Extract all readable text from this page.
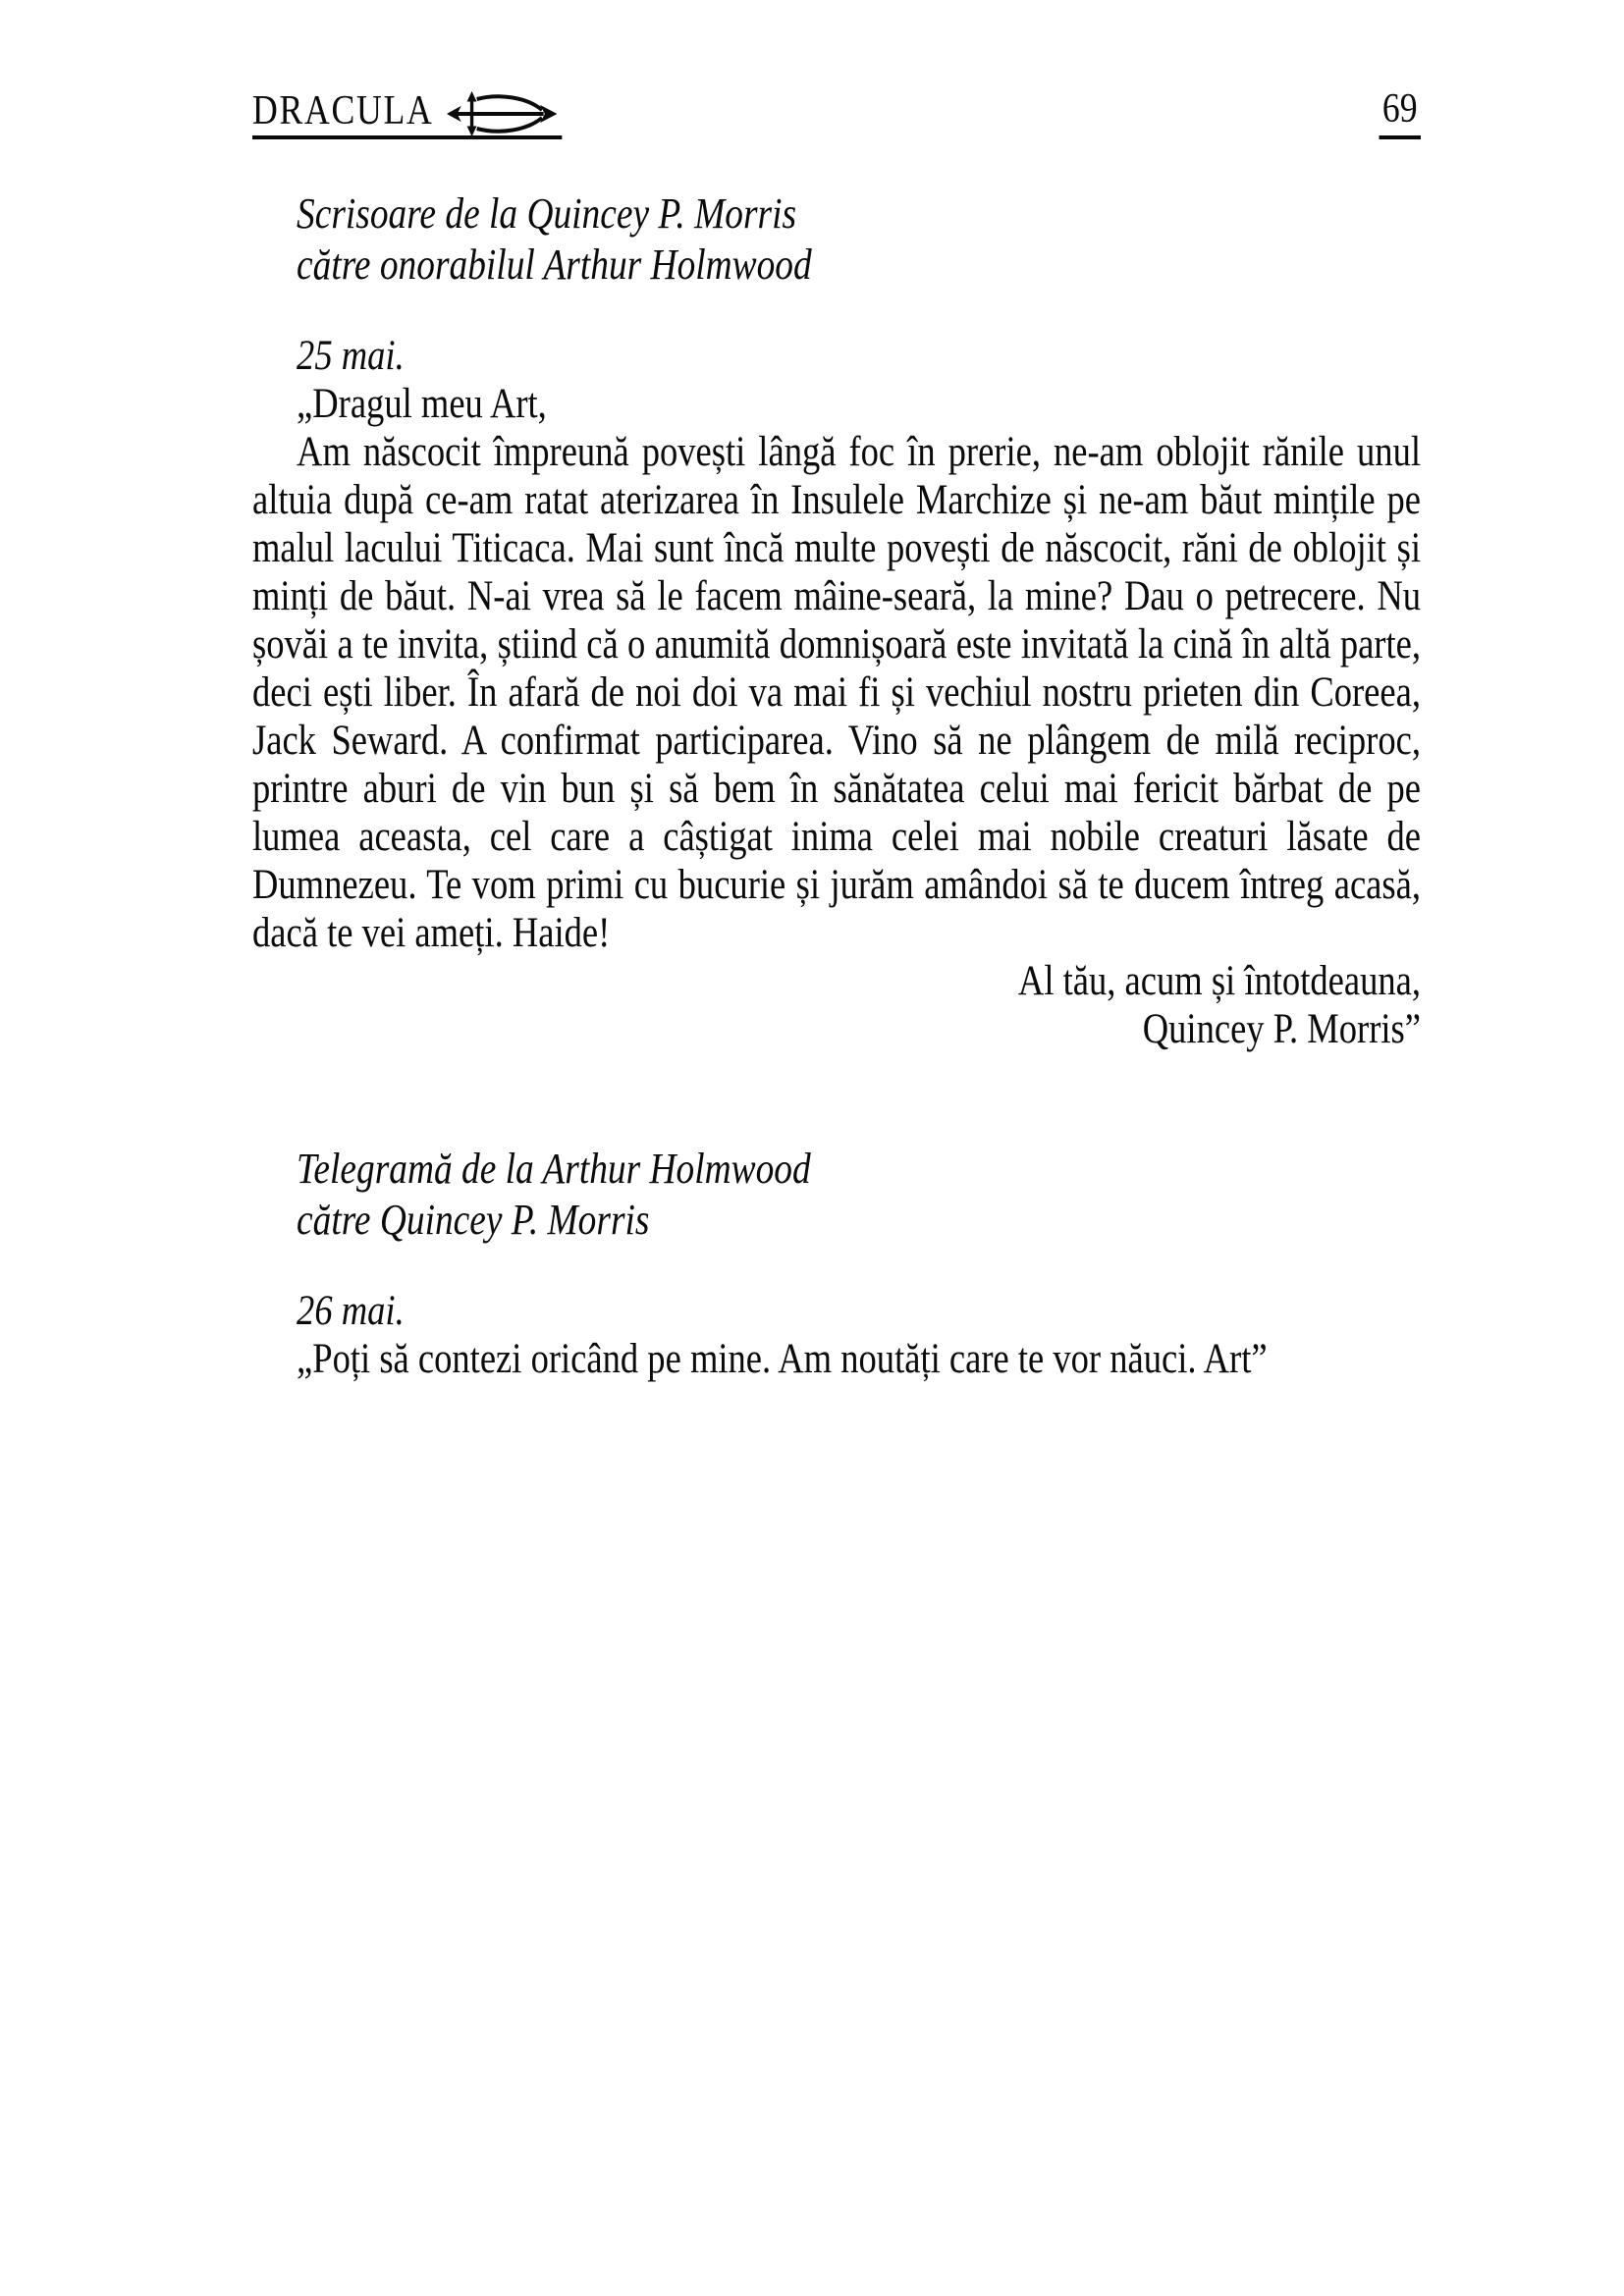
DRACULA	69
Scrisoare de la Quincey P. Morris
către onorabilul Arthur Holmwood
25 mai.
„Dragul meu Art,

Am născocit împreună povești lângă foc în prerie, ne-am oblojit rănile unul altuia după ce-am ratat aterizarea în Insulele Marchize și ne-am băut mințile pe malul lacului Titicaca. Mai sunt încă multe povești de născocit, răni de oblojit și minți de băut. N-ai vrea să le facem mâine-seară, la mine? Dau o petrecere. Nu șovăi a te invita, știind că o anumită domnișoară este invitată la cină în altă parte, deci ești liber. În afară de noi doi va mai fi și vechiul nostru prieten din Coreea, Jack Seward. A confirmat participarea. Vino să ne plângem de milă reciproc, printre aburi de vin bun și să bem în sănătatea celui mai fericit bărbat de pe lumea aceasta, cel care a câștigat inima celei mai nobile creaturi lăsate de Dumnezeu. Te vom primi cu bucurie și jurăm amândoi să te ducem întreg acasă, dacă te vei ameți. Haide!

Al tău, acum și întotdeauna,
Quincey P. Morris”
Telegramă de la Arthur Holmwood
către Quincey P. Morris
26 mai.

„Poți să contezi oricând pe mine. Am noutăți care te vor năuci. Art”
